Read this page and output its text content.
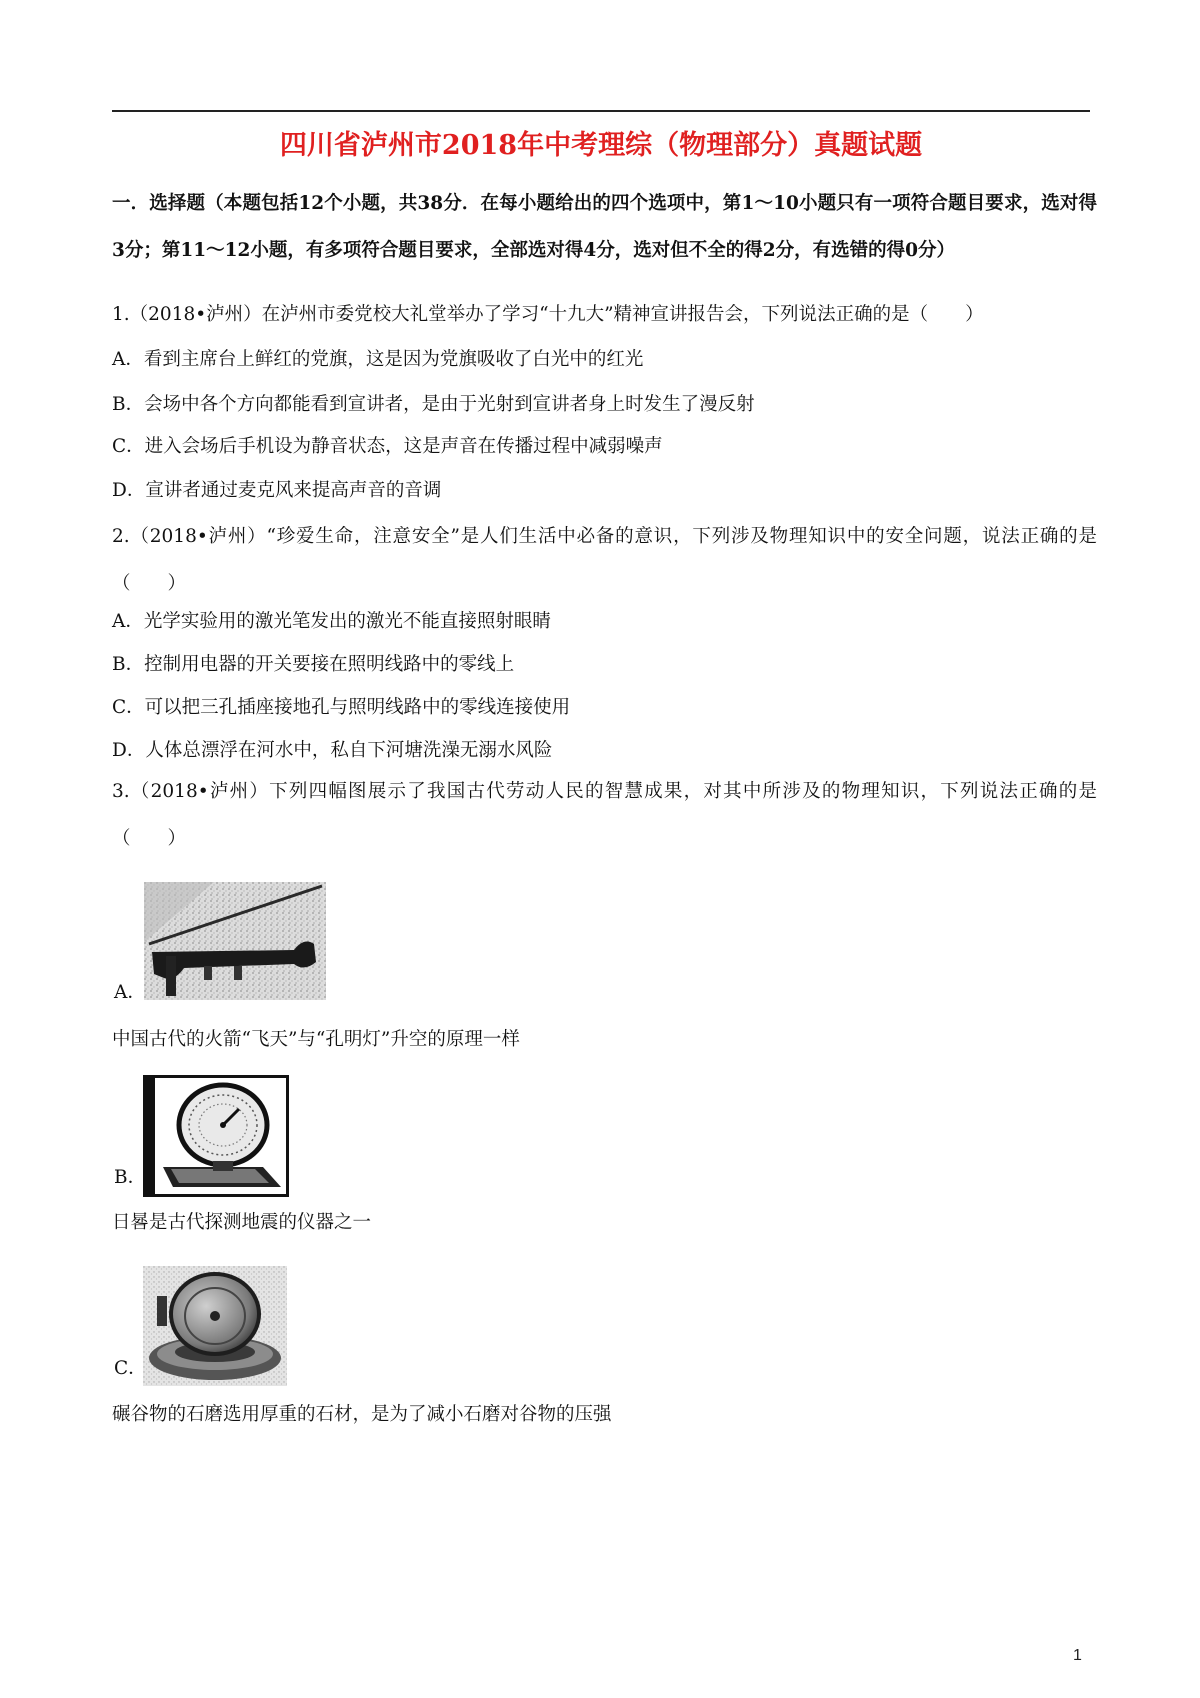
四川省泸州市2018年中考理综（物理部分）真题试题
一．选择题（本题包括12个小题，共38分．在每小题给出的四个选项中，第1～10小题只有一项符合题目要求，选对得3分；第11～12小题，有多项符合题目要求，全部选对得4分，选对但不全的得2分，有选错的得0分）
1.（2018•泸州）在泸州市委党校大礼堂举办了学习“十九大”精神宣讲报告会，下列说法正确的是（　　）
A．看到主席台上鲜红的党旗，这是因为党旗吸收了白光中的红光
B．会场中各个方向都能看到宣讲者，是由于光射到宣讲者身上时发生了漫反射
C．进入会场后手机设为静音状态，这是声音在传播过程中减弱噪声
D．宣讲者通过麦克风来提高声音的音调
2.（2018•泸州）“珍爱生命，注意安全”是人们生活中必备的意识，下列涉及物理知识中的安全问题，说法正确的是（　　）
A．光学实验用的激光笔发出的激光不能直接照射眼睛
B．控制用电器的开关要接在照明线路中的零线上
C．可以把三孔插座接地孔与照明线路中的零线连接使用
D．人体总漂浮在河水中，私自下河塘洗澡无溺水风险
3.（2018•泸州）下列四幅图展示了我国古代劳动人民的智慧成果，对其中所涉及的物理知识，下列说法正确的是（　　）
A．
中国古代的火箭“飞天”与“孔明灯”升空的原理一样
B．
日晷是古代探测地震的仪器之一
C．
碾谷物的石磨选用厚重的石材，是为了减小石磨对谷物的压强
1
